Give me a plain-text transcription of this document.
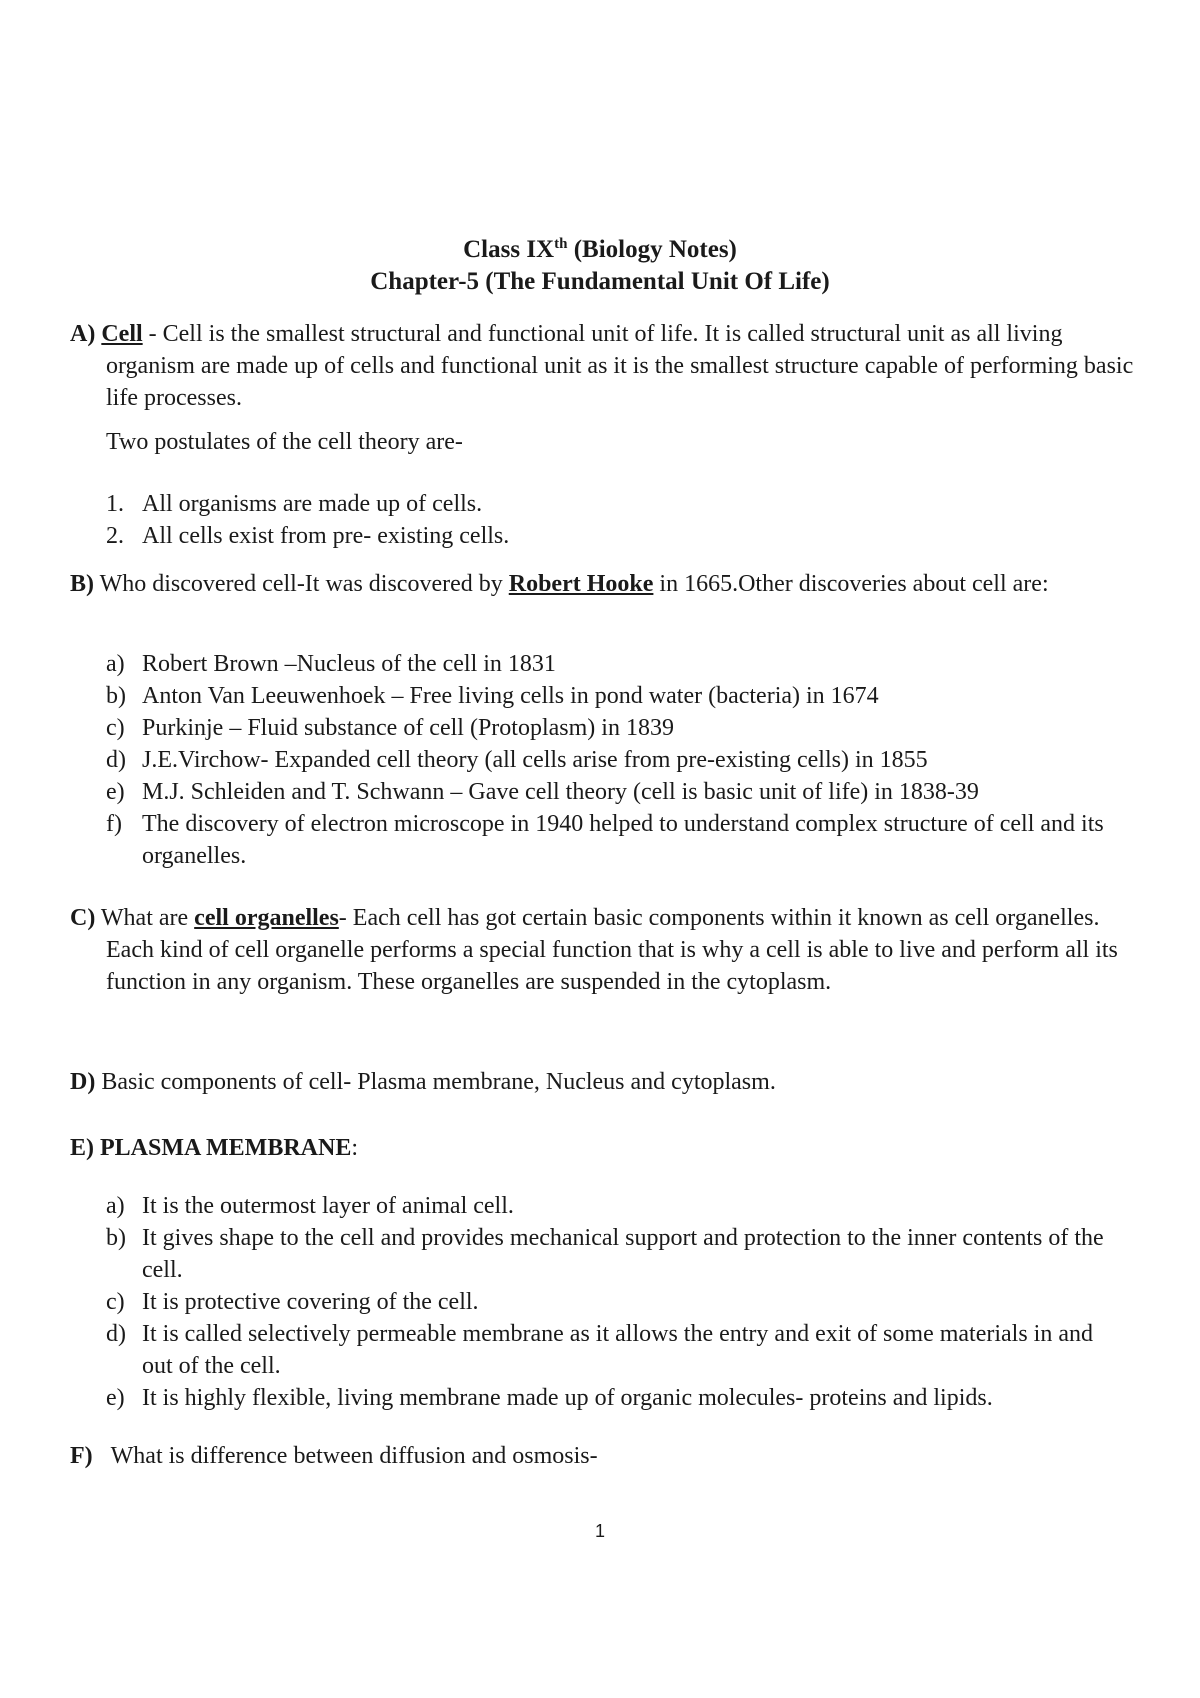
Class IXth (Biology Notes)
Chapter-5 (The Fundamental Unit Of Life)

A) Cell - Cell is the smallest structural and functional unit of life. It is called structural unit as all living organism are made up of cells and functional unit as it is the smallest structure capable of performing basic life processes.

Two postulates of the cell theory are-

1. All organisms are made up of cells.
2. All cells exist from pre- existing cells.

B) Who discovered cell-It was discovered by Robert Hooke in 1665.Other discoveries about cell are:

a) Robert Brown –Nucleus of the cell in 1831
b) Anton Van Leeuwenhoek – Free living cells in pond water (bacteria) in 1674
c) Purkinje – Fluid substance of cell (Protoplasm) in 1839
d) J.E.Virchow- Expanded cell theory (all cells arise from pre-existing cells) in 1855
e) M.J. Schleiden and T. Schwann – Gave cell theory (cell is basic unit of life) in 1838-39
f) The discovery of electron microscope in 1940 helped to understand complex structure of cell and its organelles.

C) What are cell organelles- Each cell has got certain basic components within it known as cell organelles. Each kind of cell organelle performs a special function that is why a cell is able to live and perform all its function in any organism. These organelles are suspended in the cytoplasm.

D) Basic components of cell- Plasma membrane, Nucleus and cytoplasm.

E) PLASMA MEMBRANE:

a) It is the outermost layer of animal cell.
b) It gives shape to the cell and provides mechanical support and protection to the inner contents of the cell.
c) It is protective covering of the cell.
d) It is called selectively permeable membrane as it allows the entry and exit of some materials in and out of the cell.
e) It is highly flexible, living membrane made up of organic molecules- proteins and lipids.

F) What is difference between diffusion and osmosis-

1
